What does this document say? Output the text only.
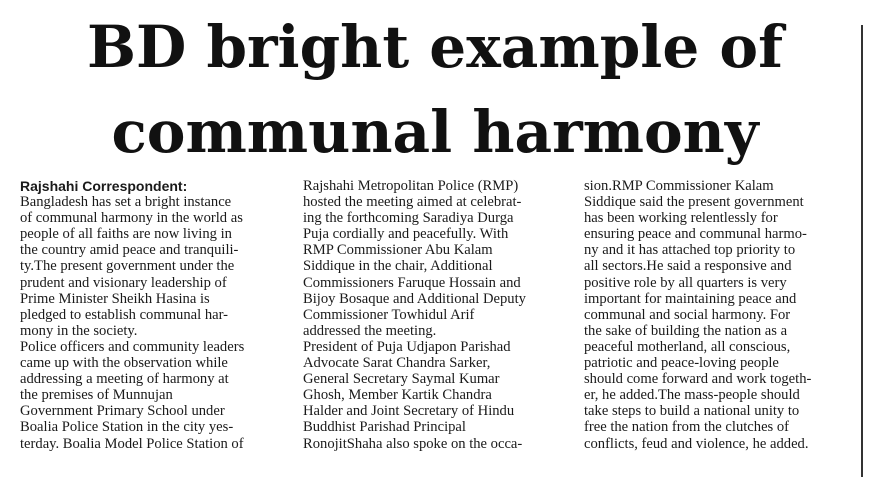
BD bright example of
communal harmony
Rajshahi Correspondent:
Bangladesh has set a bright instance
of communal harmony in the world as
people of all faiths are now living in
the country amid peace and tranquili-
ty.The present government under the
prudent and visionary leadership of
Prime Minister Sheikh Hasina is
pledged to establish communal har-
mony in the society.
Police officers and community leaders
came up with the observation while
addressing a meeting of harmony at
the premises of Munnujan
Government Primary School under
Boalia Police Station in the city yes-
terday. Boalia Model Police Station of
Rajshahi Metropolitan Police (RMP)
hosted the meeting aimed at celebrat-
ing the forthcoming Saradiya Durga
Puja cordially and peacefully. With
RMP Commissioner Abu Kalam
Siddique in the chair, Additional
Commissioners Faruque Hossain and
Bijoy Bosaque and Additional Deputy
Commissioner Towhidul Arif
addressed the meeting.
President of Puja Udjapon Parishad
Advocate Sarat Chandra Sarker,
General Secretary Saymal Kumar
Ghosh, Member Kartik Chandra
Halder and Joint Secretary of Hindu
Buddhist Parishad Principal
RonojitShaha also spoke on the occa-
sion.RMP Commissioner Kalam
Siddique said the present government
has been working relentlessly for
ensuring peace and communal harmo-
ny and it has attached top priority to
all sectors.He said a responsive and
positive role by all quarters is very
important for maintaining peace and
communal and social harmony. For
the sake of building the nation as a
peaceful motherland, all conscious,
patriotic and peace-loving people
should come forward and work togeth-
er, he added.The mass-people should
take steps to build a national unity to
free the nation from the clutches of
conflicts, feud and violence, he added.
